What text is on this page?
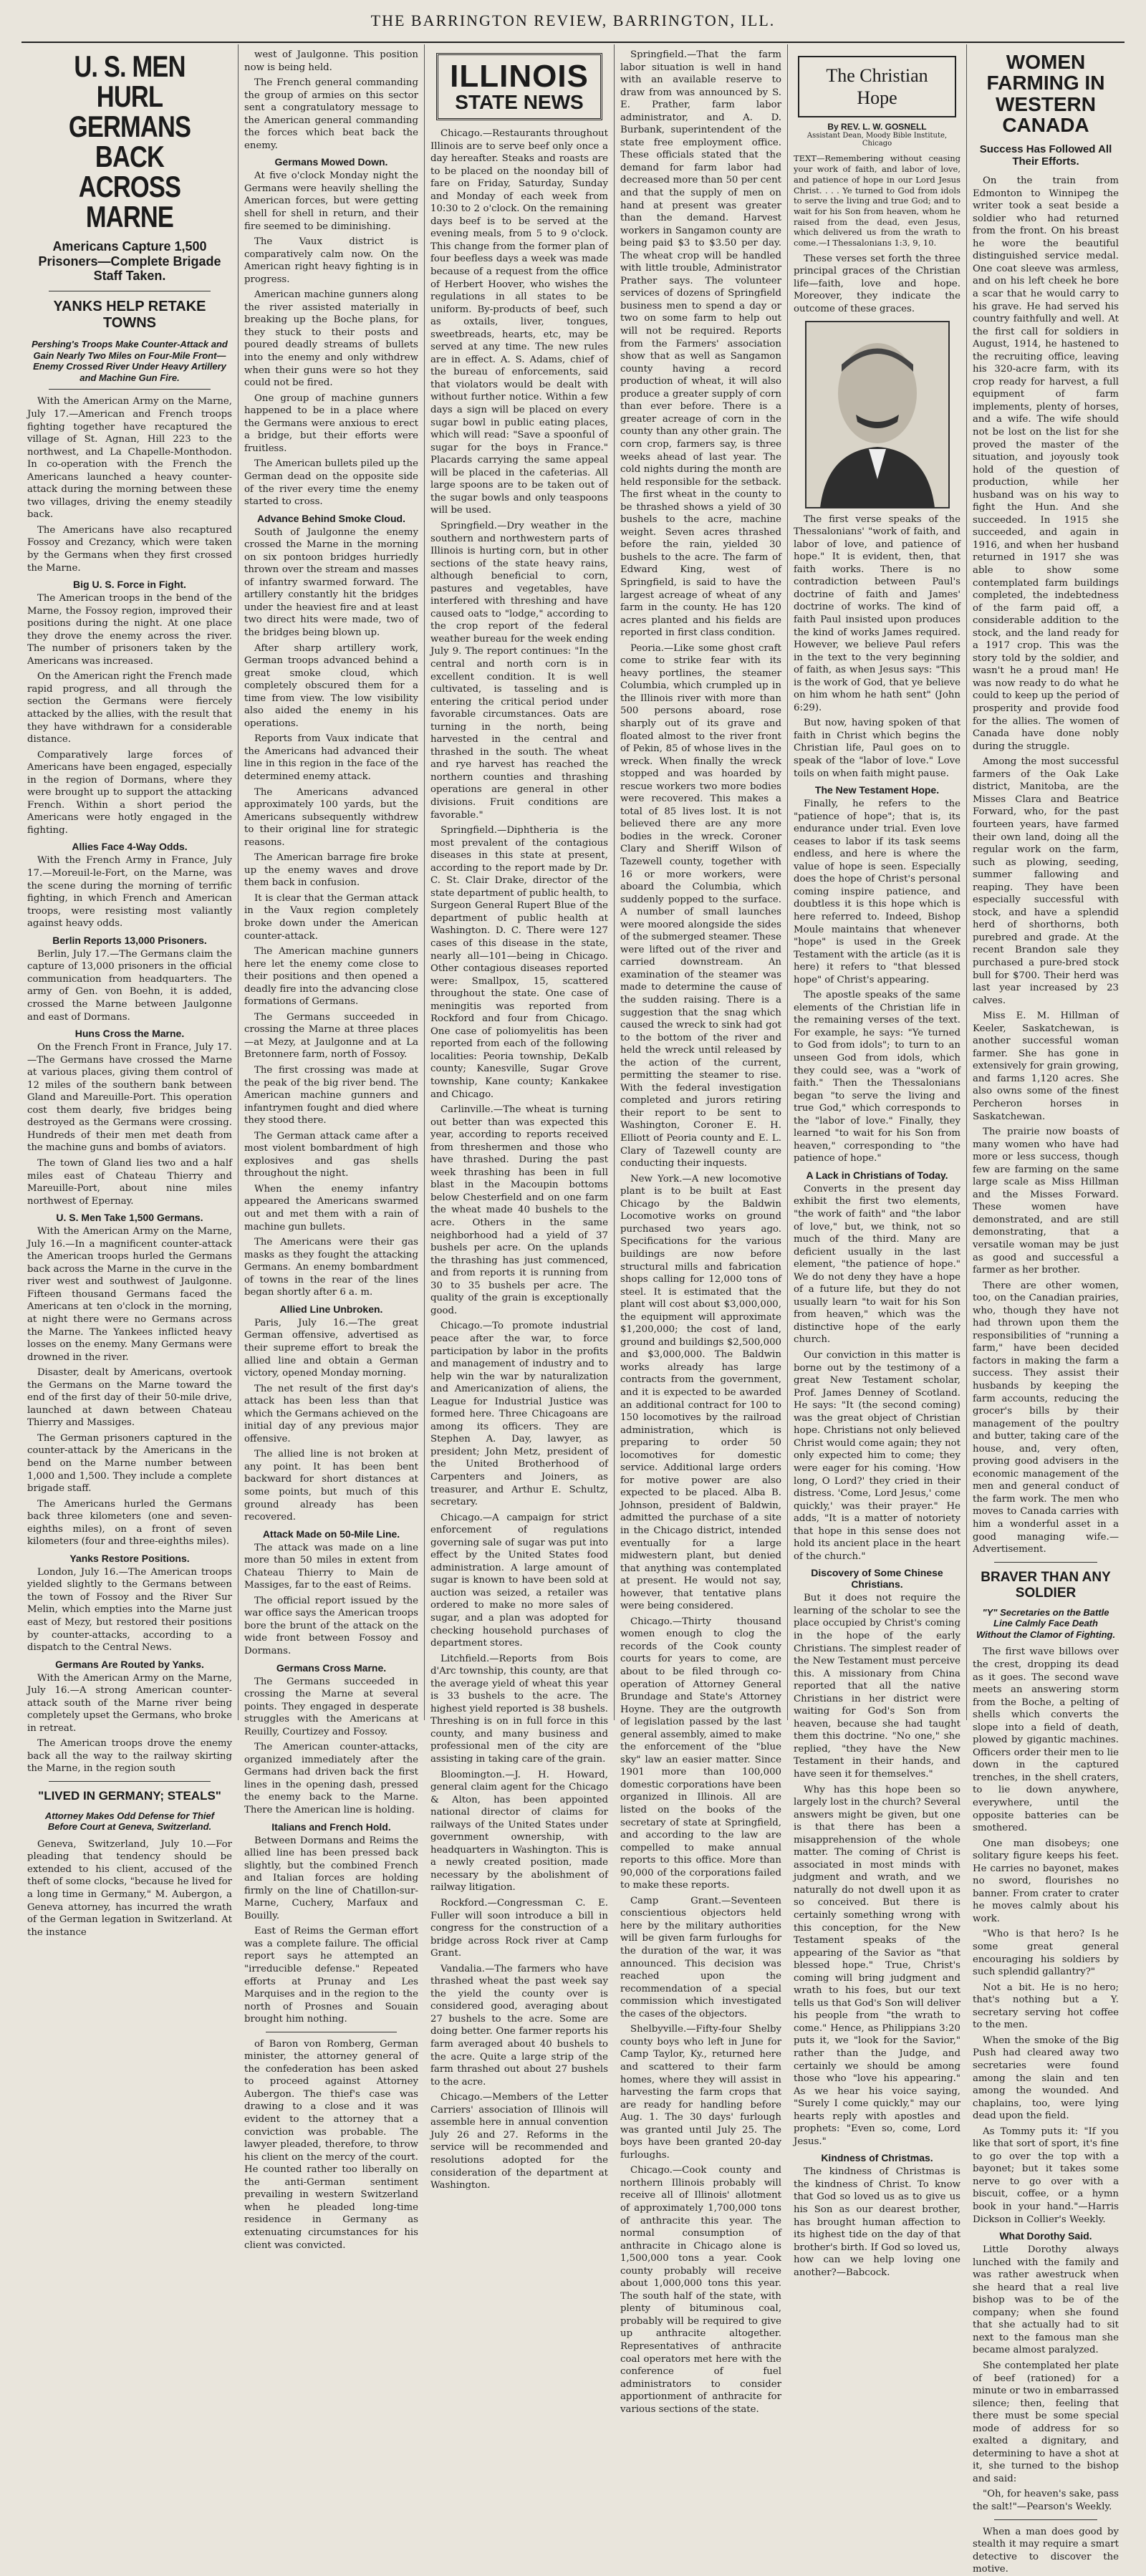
THE BARRINGTON REVIEW, BARRINGTON, ILL.
U. S. MEN HURL GERMANS BACK ACROSS MARNE
Americans Capture 1,500 Prisoners—Complete Brigade Staff Taken.
YANKS HELP RETAKE TOWNS
Pershing's Troops Make Counter-Attack and Gain Nearly Two Miles on Four-Mile Front—Enemy Crossed River Under Heavy Artillery and Machine Gun Fire.

With the American Army on the Marne, July 17.—American and French troops fighting together have recaptured the village of St. Agnan, Hill 223 to the northwest, and La Chapelle-Monthodon. In co-operation with the French the Americans launched a heavy counter-attack during the morning between these two villages, driving the enemy steadily back.

The Americans have also recaptured Fossoy and Crezancy, which were taken by the Germans when they first crossed the Marne.

Big U. S. Force in Fight.

The American troops in the bend of the Marne, the Fossoy region, improved their positions during the night. At one place they drove the enemy across the river. The number of prisoners taken by the Americans was increased.

On the American right the French made rapid progress, and all through the section the Germans were fiercely attacked by the allies, with the result that they have withdrawn for a considerable distance.

Comparatively large forces of Americans have been engaged, especially in the region of Dormans, where they were brought up to support the attacking French. Within a short period the Americans were hotly engaged in the fighting.

Allies Face 4-Way Odds.

With the French Army in France, July 17.—Moreuil-le-Fort, on the Marne, was the scene during the morning of terrific fighting, in which French and American troops, were resisting most valiantly against heavy odds.

Berlin Reports 13,000 Prisoners.

Berlin, July 17.—The Germans claim the capture of 13,000 prisoners in the official communication from headquarters. The army of Gen. von Boehn, it is added, crossed the Marne between Jaulgonne and east of Dormans.

Huns Cross the Marne.

On the French Front in France, July 17.—The Germans have crossed the Marne at various places, giving them control of 12 miles of the southern bank between Gland and Mareuille-Port. This operation cost them dearly, five bridges being destroyed as the Germans were crossing. Hundreds of their men met death from the machine guns and bombs of aviators.

The town of Gland lies two and a half miles east of Chateau Thierry and Mareuille-Port, about nine miles northwest of Epernay.

U. S. Men Take 1,500 Germans.

With the American Army on the Marne, July 16.—In a magnificent counter-attack the American troops hurled the Germans back across the Marne in the curve in the river west and southwest of Jaulgonne. Fifteen thousand Germans faced the Americans at ten o'clock in the morning, at night there were no Germans across the Marne. The Yankees inflicted heavy losses on the enemy. Many Germans were drowned in the river.

Disaster, dealt by Americans, overtook the Germans on the Marne toward the end of the first day of their 50-mile drive, launched at dawn between Chateau Thierry and Massiges.

The German prisoners captured in the counter-attack by the Americans in the bend on the Marne number between 1,000 and 1,500. They include a complete brigade staff.

The Americans hurled the Germans back three kilometers (one and seven-eighths miles), on a front of seven kilometers (four and three-eighths miles).

Yanks Restore Positions.

London, July 16.—The American troops yielded slightly to the Germans between the town of Fossoy and the River Sur Melin, which empties into the Marne just east of Mezy, but restored their positions by counter-attacks, according to a dispatch to the Central News.

Germans Are Routed by Yanks.

With the American Army on the Marne, July 16.—A strong American counter-attack south of the Marne river being completely upset the Germans, who broke in retreat.

The American troops drove the enemy back all the way to the railway skirting the Marne, in the region south

"LIVED IN GERMANY; STEALS"
Attorney Makes Odd Defense for Thief Before Court at Geneva, Switzerland.

Geneva, Switzerland, July 10.—For pleading that tendency should be extended to his client, accused of the theft of some clocks, "because he lived for a long time in Germany," M. Aubergon, a Geneva attorney, has incurred the wrath of the German legation in Switzerland. At the instance

west of Jaulgonne. This position now is being held.

The French general commanding the group of armies on this sector sent a congratulatory message to the American general commanding the forces which beat back the enemy.

Germans Mowed Down.

At five o'clock Monday night the Germans were heavily shelling the American forces, but were getting shell for shell in return, and their fire seemed to be diminishing.

The Vaux district is comparatively calm now. On the American right heavy fighting is in progress.

American machine gunners along the river assisted materially in breaking up the Boche plans, for they stuck to their posts and poured deadly streams of bullets into the enemy and only withdrew when their guns were so hot they could not be fired.

One group of machine gunners happened to be in a place where the Germans were anxious to erect a bridge, but their efforts were fruitless.

The American bullets piled up the German dead on the opposite side of the river every time the enemy started to cross.

Advance Behind Smoke Cloud.

South of Jaulgonne the enemy crossed the Marne in the morning on six pontoon bridges hurriedly thrown over the stream and masses of infantry swarmed forward. The artillery constantly hit the bridges under the heaviest fire and at least two direct hits were made, two of the bridges being blown up.

After sharp artillery work, German troops advanced behind a great smoke cloud, which completely obscured them for a time from view. The low visibility also aided the enemy in his operations.

Reports from Vaux indicate that the Americans had advanced their line in this region in the face of the determined enemy attack.

The Americans advanced approximately 100 yards, but the Americans subsequently withdrew to their original line for strategic reasons.

The American barrage fire broke up the enemy waves and drove them back in confusion.

It is clear that the German attack in the Vaux region completely broke down under the American counter-attack.

The American machine gunners here let the enemy come close to their positions and then opened a deadly fire into the advancing close formations of Germans.

The Germans succeeded in crossing the Marne at three places—at Mezy, at Jaulgonne and at La Bretonnere farm, north of Fossoy.

The first crossing was made at the peak of the big river bend. The American machine gunners and infantrymen fought and died where they stood there.

The German attack came after a most violent bombardment of high explosives and gas shells throughout the night.

When the enemy infantry appeared the Americans swarmed out and met them with a rain of machine gun bullets.

The Americans were their gas masks as they fought the attacking Germans. An enemy bombardment of towns in the rear of the lines began shortly after 6 a. m.

Allied Line Unbroken.

Paris, July 16.—The great German offensive, advertised as their supreme effort to break the allied line and obtain a German victory, opened Monday morning.

The net result of the first day's attack has been less than that which the Germans achieved on the initial day of any previous major offensive.

The allied line is not broken at any point. It has been bent backward for short distances at some points, but much of this ground already has been recovered.

Attack Made on 50-Mile Line.

The attack was made on a line more than 50 miles in extent from Chateau Thierry to Main de Massiges, far to the east of Reims.

The official report issued by the war office says the American troops bore the brunt of the attack on the wide front between Fossoy and Dormans.

Germans Cross Marne.

The Germans succeeded in crossing the Marne at several points. They engaged in desperate struggles with the Americans at Reuilly, Courtizey and Fossoy.

The American counter-attacks, organized immediately after the Germans had driven back the first lines in the opening dash, pressed the enemy back to the Marne. There the American line is holding.

Italians and French Hold.

Between Dormans and Reims the allied line has been pressed back slightly, but the combined French and Italian forces are holding firmly on the line of Chatillon-sur-Marne, Cuchery, Marfaux and Bouilly.

East of Reims the German effort was a complete failure. The official report says he attempted an "irreducible defense." Repeated efforts at Prunay and Les Marquises and in the region to the north of Prosnes and Souain brought him nothing.

of Baron von Romberg, German minister, the attorney general of the confederation has been asked to proceed against Attorney Aubergon. The thief's case was drawing to a close and it was evident to the attorney that a conviction was probable. The lawyer pleaded, therefore, to throw his client on the mercy of the court. He counted rather too liberally on the anti-German sentiment prevailing in western Switzerland when he pleaded long-time residence in Germany as extenuating circumstances for his client was convicted.

ILLINOIS
STATE NEWS

Chicago.—Restaurants throughout Illinois are to serve beef only once a day hereafter. Steaks and roasts are to be placed on the noonday bill of fare on Friday, Saturday, Sunday and Monday of each week from 10:30 to 2 o'clock. On the remaining days beef is to be served at the evening meals, from 5 to 9 o'clock. This change from the former plan of four beefless days a week was made because of a request from the office of Herbert Hoover, who wishes the regulations in all states to be uniform. By-products of beef, such as oxtails, liver, tongues, sweetbreads, hearts, etc, may be served at any time. The new rules are in effect. A. S. Adams, chief of the bureau of enforcements, said that violators would be dealt with without further notice. Within a few days a sign will be placed on every sugar bowl in public eating places, which will read: "Save a spoonful of sugar for the boys in France." Placards carrying the same appeal will be placed in the cafeterias. All large spoons are to be taken out of the sugar bowls and only teaspoons will be used.

Springfield.—Dry weather in the southern and northwestern parts of Illinois is hurting corn, but in other sections of the state heavy rains, although beneficial to corn, pastures and vegetables, have interfered with threshing and have caused oats to "lodge," according to the crop report of the federal weather bureau for the week ending July 9. The report continues: "In the central and north corn is in excellent condition. It is well cultivated, is tasseling and is entering the critical period under favorable circumstances. Oats are turning in the north, being harvested in the central and thrashed in the south. The wheat and rye harvest has reached the northern counties and thrashing operations are general in other divisions. Fruit conditions are favorable."

Springfield.—Diphtheria is the most prevalent of the contagious diseases in this state at present, according to the report made by Dr. C. St. Clair Drake, director of the state department of public health, to Surgeon General Rupert Blue of the department of public health at Washington. D. C. There were 127 cases of this disease in the state, nearly all—101—being in Chicago. Other contagious diseases reported were: Smallpox, 15, scattered throughout the state. One case of meningitis was reported from Rockford and four from Chicago. One case of poliomyelitis has been reported from each of the following localities: Peoria township, DeKalb county; Kanesville, Sugar Grove township, Kane county; Kankakee and Chicago.

Carlinville.—The wheat is turning out better than was expected this year, according to reports received from threshermen and those who have thrashed. During the past week thrashing has been in full blast in the Macoupin bottoms below Chesterfield and on one farm the wheat made 40 bushels to the acre. Others in the same neighborhood had a yield of 37 bushels per acre. On the uplands the thrashing has just commenced, and from reports it is running from 30 to 35 bushels per acre. The quality of the grain is exceptionally good.

Chicago.—To promote industrial peace after the war, to force participation by labor in the profits and management of industry and to help win the war by naturalization and Americanization of aliens, the League for Industrial Justice was formed here. Three Chicagoans are among its officers. They are Stephen A. Day, lawyer, as president; John Metz, president of the United Brotherhood of Carpenters and Joiners, as treasurer, and Arthur E. Schultz, secretary.

Chicago.—A campaign for strict enforcement of regulations governing sale of sugar was put into effect by the United States food administration. A large amount of sugar is known to have been sold at auction was seized, a retailer was ordered to make no more sales of sugar, and a plan was adopted for checking household purchases of department stores.

Litchfield.—Reports from Bois d'Arc township, this county, are that the average yield of wheat this year is 33 bushels to the acre. The highest yield reported is 38 bushels. Threshing is on in full force in this county, and many business and professional men of the city are assisting in taking care of the grain.

Bloomington.—J. H. Howard, general claim agent for the Chicago & Alton, has been appointed national director of claims for railways of the United States under government ownership, with headquarters in Washington. This is a newly created position, made necessary by the abolishment of railway litigation.

Rockford.—Congressman C. E. Fuller will soon introduce a bill in congress for the construction of a bridge across Rock river at Camp Grant.

Vandalia.—The farmers who have thrashed wheat the past week say the yield the county over is considered good, averaging about 27 bushels to the acre. Some are doing better. One farmer reports his farm averaged about 40 bushels to the acre. Quite a large strip of the farm thrashed out about 27 bushels to the acre.

Chicago.—Members of the Letter Carriers' association of Illinois will assemble here in annual convention July 26 and 27. Reforms in the service will be recommended and resolutions adopted for the consideration of the department at Washington.

Springfield.—That the farm labor situation is well in hand with an available reserve to draw from was announced by S. E. Prather, farm labor administrator, and A. D. Burbank, superintendent of the state free employment office. These officials stated that the demand for farm labor had decreased more than 50 per cent and that the supply of men on hand at present was greater than the demand. Harvest workers in Sangamon county are being paid $3 to $3.50 per day. The wheat crop will be handled with little trouble, Administrator Prather says. The volunteer services of dozens of Springfield business men to spend a day or two on some farm to help out will not be required. Reports from the Farmers' association show that as well as Sangamon county having a record production of wheat, it will also produce a greater supply of corn than ever before. There is a greater acreage of corn in the county than any other grain. The corn crop, farmers say, is three weeks ahead of last year. The cold nights during the month are held responsible for the setback. The first wheat in the county to be thrashed shows a yield of 30 bushels to the acre, machine weight. Seven acres thrashed before the rain, yielded 30 bushels to the acre. The farm of Edward King, west of Springfield, is said to have the largest acreage of wheat of any farm in the county. He has 120 acres planted and his fields are reported in first class condition.

Peoria.—Like some ghost craft come to strike fear with its heavy portlines, the steamer Columbia, which crumpled up in the Illinois river with more than 500 persons aboard, rose sharply out of its grave and floated almost to the river front of Pekin, 85 of whose lives in the wreck. When finally the wreck stopped and was hoarded by rescue workers two more bodies were recovered. This makes a total of 85 lives lost. It is not believed there are any more bodies in the wreck. Coroner Clary and Sheriff Wilson of Tazewell county, together with 16 or more workers, were aboard the Columbia, which suddenly popped to the surface. A number of small launches were moored alongside the sides of the submerged steamer. These were lifted out of the river and carried downstream. An examination of the steamer was made to determine the cause of the sudden raising. There is a suggestion that the snag which caused the wreck to sink had got to the bottom of the river and held the wreck until released by the action of the current, permitting the steamer to rise. With the federal investigation completed and jurors retiring their report to be sent to Washington, Coroner E. H. Elliott of Peoria county and E. L. Clary of Tazewell county are conducting their inquests.

New York.—A new locomotive plant is to be built at East Chicago by the Baldwin Locomotive works on ground purchased two years ago. Specifications for the various buildings are now before structural mills and fabrication shops calling for 12,000 tons of steel. It is estimated that the plant will cost about $3,000,000, the equipment will approximate $1,200,000; the cost of land, ground and buildings $2,500,000 and $3,000,000. The Baldwin works already has large contracts from the government, and it is expected to be awarded an additional contract for 100 to 150 locomotives by the railroad administration, which is preparing to order 50 locomotives for domestic service. Additional large orders for motive power are also expected to be placed. Alba B. Johnson, president of Baldwin, admitted the purchase of a site in the Chicago district, intended eventually for a large midwestern plant, but denied that anything was contemplated at present. He would not say, however, that tentative plans were being considered.

Chicago.—Thirty thousand women enough to clog the records of the Cook county courts for years to come, are about to be filed through co-operation of Attorney General Brundage and State's Attorney Hoyne. They are the outgrowth of legislation passed by the last general assembly, aimed to make the enforcement of the "blue sky" law an easier matter. Since 1901 more than 100,000 domestic corporations have been organized in Illinois. All are listed on the books of the secretary of state at Springfield, and according to the law are compelled to make annual reports to this office. More than 90,000 of the corporations failed to make these reports.

Camp Grant.—Seventeen conscientious objectors held here by the military authorities will be given farm furloughs for the duration of the war, it was announced. This decision was reached upon the recommendation of a special commission which investigated the cases of the objectors.

Shelbyville.—Fifty-four Shelby county boys who left in June for Camp Taylor, Ky., returned here and scattered to their farm homes, where they will assist in harvesting the farm crops that are ready for handling before Aug. 1. The 30 days' furlough was granted until July 25. The boys have been granted 20-day furloughs.

Chicago.—Cook county and northern Illinois probably will receive all of Illinois' allotment of approximately 1,700,000 tons of anthracite this year. The normal consumption of anthracite in Chicago alone is 1,500,000 tons a year. Cook county probably will receive about 1,000,000 tons this year. The south half of the state, with plenty of bituminous coal, probably will be required to give up anthracite altogether. Representatives of anthracite coal operators met here with the conference of fuel administrators to consider apportionment of anthracite for various sections of the state.

The Christian
Hope
By REV. L. W. GOSNELL
Assistant Dean, Moody Bible Institute, Chicago

TEXT—Remembering without ceasing your work of faith, and labor of love, and patience of hope in our Lord Jesus Christ. . . . Ye turned to God from idols to serve the living and true God; and to wait for his Son from heaven, whom he raised from the dead, even Jesus, which delivered us from the wrath to come.—I Thessalonians 1:3, 9, 10.

These verses set forth the three principal graces of the Christian life—faith, love and hope. Moreover, they indicate the outcome of these graces.

The first verse speaks of the Thessalonians' "work of faith, and labor of love, and patience of hope." It is evident, then, that faith works. There is no contradiction between Paul's doctrine of faith and James' doctrine of works. The kind of faith Paul insisted upon produces the kind of works James required. However, we believe Paul refers in the text to the very beginning of faith, as when Jesus says: "This is the work of God, that ye believe on him whom he hath sent" (John 6:29).

But now, having spoken of that faith in Christ which begins the Christian life, Paul goes on to speak of the "labor of love." Love toils on when faith might pause.

The New Testament Hope.

Finally, he refers to the "patience of hope"; that is, its endurance under trial. Even love ceases to labor if its task seems endless, and here is where the value of hope is seen. Especially does the hope of Christ's personal coming inspire patience, and doubtless it is this hope which is here referred to. Indeed, Bishop Moule maintains that whenever "hope" is used in the Greek Testament with the article (as it is here) it refers to "that blessed hope" of Christ's appearing.

The apostle speaks of the same elements of the Christian life in the remaining verses of the text. For example, he says: "Ye turned to God from idols"; to turn to an unseen God from idols, which they could see, was a "work of faith." Then the Thessalonians began "to serve the living and true God," which corresponds to the "labor of love." Finally, they learned "to wait for his Son from heaven," corresponding to "the patience of hope."

A Lack in Christians of Today.

Converts in the present day exhibit the first two elements, "the work of faith" and "the labor of love," but, we think, not so much of the third. Many are deficient usually in the last element, "the patience of hope." We do not deny they have a hope of a future life, but they do not usually learn "to wait for his Son from heaven," which was the distinctive hope of the early church.

Our conviction in this matter is borne out by the testimony of a great New Testament scholar, Prof. James Denney of Scotland. He says: "It (the second coming) was the great object of Christian hope. Christians not only believed Christ would come again; they not only expected him to come; they were eager for his coming. 'How long, O Lord?' they cried in their distress. 'Come, Lord Jesus,' come quickly,' was their prayer." He adds, "It is a matter of notoriety that hope in this sense does not hold its ancient place in the heart of the church."

Discovery of Some Chinese Christians.

But it does not require the learning of the scholar to see the place occupied by Christ's coming in the hope of the early Christians. The simplest reader of the New Testament must perceive this. A missionary from China reported that all the native Christians in her district were waiting for God's Son from heaven, because she had taught them this doctrine. "No one," she replied, "they have the New Testament in their hands, and have seen it for themselves."

Why has this hope been so largely lost in the church? Several answers might be given, but one is that there has been a misapprehension of the whole matter. The coming of Christ is associated in most minds with judgment and wrath, and we naturally do not dwell upon it as so conceived. But there is certainly something wrong with this conception, for the New Testament speaks of the appearing of the Savior as "that blessed hope." True, Christ's coming will bring judgment and wrath to his foes, but our text tells us that God's Son will deliver his people from "the wrath to come." Hence, as Philippians 3:20 puts it, we "look for the Savior," rather than the Judge, and certainly we should be among those who "love his appearing." As we hear his voice saying, "Surely I come quickly," may our hearts reply with apostles and prophets: "Even so, come, Lord Jesus."

Kindness of Christmas.

The kindness of Christmas is the kindness of Christ. To know that God so loved us as to give us his Son as our dearest brother, has brought human affection to its highest tide on the day of that brother's birth. If God so loved us, how can we help loving one another?—Babcock.

WOMEN FARMING IN WESTERN CANADA
Success Has Followed All Their Efforts.

On the train from Edmonton to Winnipeg the writer took a seat beside a soldier who had returned from the front. On his breast he wore the beautiful distinguished service medal. One coat sleeve was armless, and on his left cheek he bore a scar that he would carry to his grave. He had served his country faithfully and well. At the first call for soldiers in August, 1914, he hastened to the recruiting office, leaving his 320-acre farm, with its crop ready for harvest, a full equipment of farm implements, plenty of horses, and a wife. The wife should not be lost on the list for she proved the master of the situation, and joyously took hold of the question of production, while her husband was on his way to fight the Hun. And she succeeded. In 1915 she succeeded, and again in 1916, and when her husband returned in 1917 she was able to show some contemplated farm buildings completed, the indebtedness of the farm paid off, a considerable addition to the stock, and the land ready for a 1917 crop. This was the story told by the soldier, and wasn't he a proud man! He was now ready to do what he could to keep up the period of prosperity and provide food for the allies. The women of Canada have done nobly during the struggle.

Among the most successful farmers of the Oak Lake district, Manitoba, are the Misses Clara and Beatrice Forward, who, for the past fourteen years, have farmed their own land, doing all the regular work on the farm, such as plowing, seeding, summer fallowing and reaping. They have been especially successful with stock, and have a splendid herd of shorthorns, both purebred and grade. At the recent Brandon sale they purchased a pure-bred stock bull for $700. Their herd was last year increased by 23 calves.

Miss E. M. Hillman of Keeler, Saskatchewan, is another successful woman farmer. She has gone in extensively for grain growing, and farms 1,120 acres. She also owns some of the finest Percheron horses in Saskatchewan.

The prairie now boasts of many women who have had more or less success, though few are farming on the same large scale as Miss Hillman and the Misses Forward. These women have demonstrated, and are still demonstrating, that a versatile woman may be just as good and successful a farmer as her brother.

There are other women, too, on the Canadian prairies, who, though they have not had thrown upon them the responsibilities of "running a farm," have been decided factors in making the farm a success. They assist their husbands by keeping the farm accounts, reducing the grocer's bills by their management of the poultry and butter, taking care of the house, and, very often, proving good advisers in the economic management of the men and general conduct of the farm work. The men who moves to Canada carries with him a wonderful asset in a good managing wife.—Advertisement.

BRAVER THAN ANY SOLDIER
"Y" Secretaries on the Battle Line Calmly Face Death Without the Clamor of Fighting.

The first wave billows over the crest, dropping its dead as it goes. The second wave meets an answering storm from the Boche, a pelting of shells which converts the slope into a field of death, plowed by gigantic machines. Officers order their men to lie down in the captured trenches, in the shell craters, to lie down anywhere, everywhere, until the opposite batteries can be smothered.

One man disobeys; one solitary figure keeps his feet. He carries no bayonet, makes no sword, flourishes no banner. From crater to crater he moves calmly about his work.

"Who is that hero? Is he some great general encouraging his soldiers by such splendid gallantry?"

Not a bit. He is no hero; that's nothing but a Y. secretary serving hot coffee to the men.

When the smoke of the Big Push had cleared away two secretaries were found among the slain and ten among the wounded. And chaplains, too, were lying dead upon the field.

As Tommy puts it: "If you like that sort of sport, it's fine to go over the top with a bayonet; but it takes some nerve to go over with a biscuit, coffee, or a hymn book in your hand."—Harris Dickson in Collier's Weekly.

What Dorothy Said.

Little Dorothy always lunched with the family and was rather awestruck when she heard that a real live bishop was to be of the company; when she found that she actually had to sit next to the famous man she became almost paralyzed.

She contemplated her plate of beef (rationed) for a minute or two in embarrassed silence; then, feeling that there must be some special mode of address for so exalted a dignitary, and determining to have a shot at it, she turned to the bishop and said:

"Oh, for heaven's sake, pass the salt!"—Pearson's Weekly.

When a man does good by stealth it may require a smart detective to discover the motive.
